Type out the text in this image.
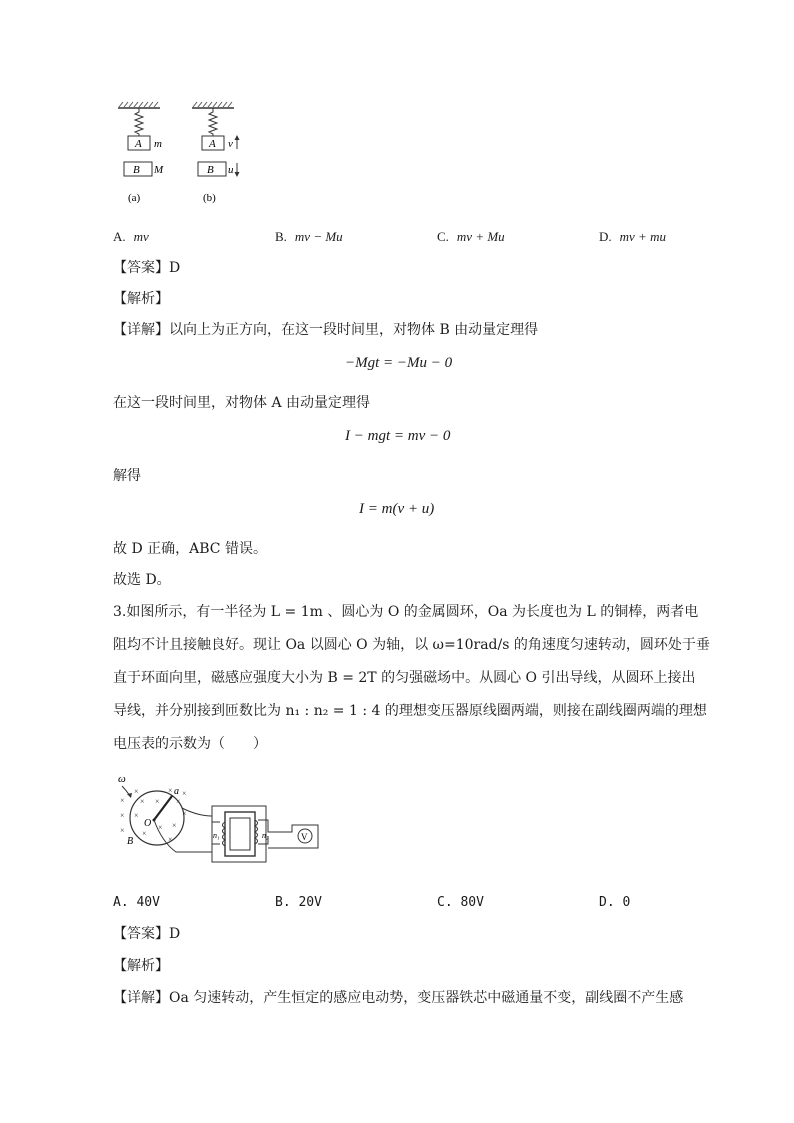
A m
B M
(a)
A v
B u
(b)
A. mv	B. mv − Mu	C. mv + Mu	D. mv + mu
【答案】D
【解析】
【详解】以向上为正方向，在这一段时间里，对物体 B 由动量定理得
−Mgt = −Mu − 0
在这一段时间里，对物体 A 由动量定理得
I − mgt = mv − 0
解得
I = m(v + u)
故 D 正确，ABC 错误。
故选 D。
3.如图所示，有一半径为 L = 1m 、圆心为 O 的金属圆环，Oa 为长度也为 L 的铜棒，两者电
阻均不计且接触良好。现让 Oa 以圆心 O 为轴，以 ω=10rad/s 的角速度匀速转动，圆环处于垂
直于环面向里，磁感应强度大小为 B = 2T 的匀强磁场中。从圆心 O 引出导线，从圆环上接出
导线，并分别接到匝数比为 n₁ : n₂ = 1 : 4 的理想变压器原线圈两端，则接在副线圈两端的理想
电压表的示数为（　　）
ω
×
×
×
×
× ×
×
×
× ×
×
×
×
×
×
a
O
B
n₁	n₂	V
A. 40V	B. 20V	C. 80V	D. 0
【答案】D
【解析】
【详解】Oa 匀速转动，产生恒定的感应电动势，变压器铁芯中磁通量不变，副线圈不产生感
